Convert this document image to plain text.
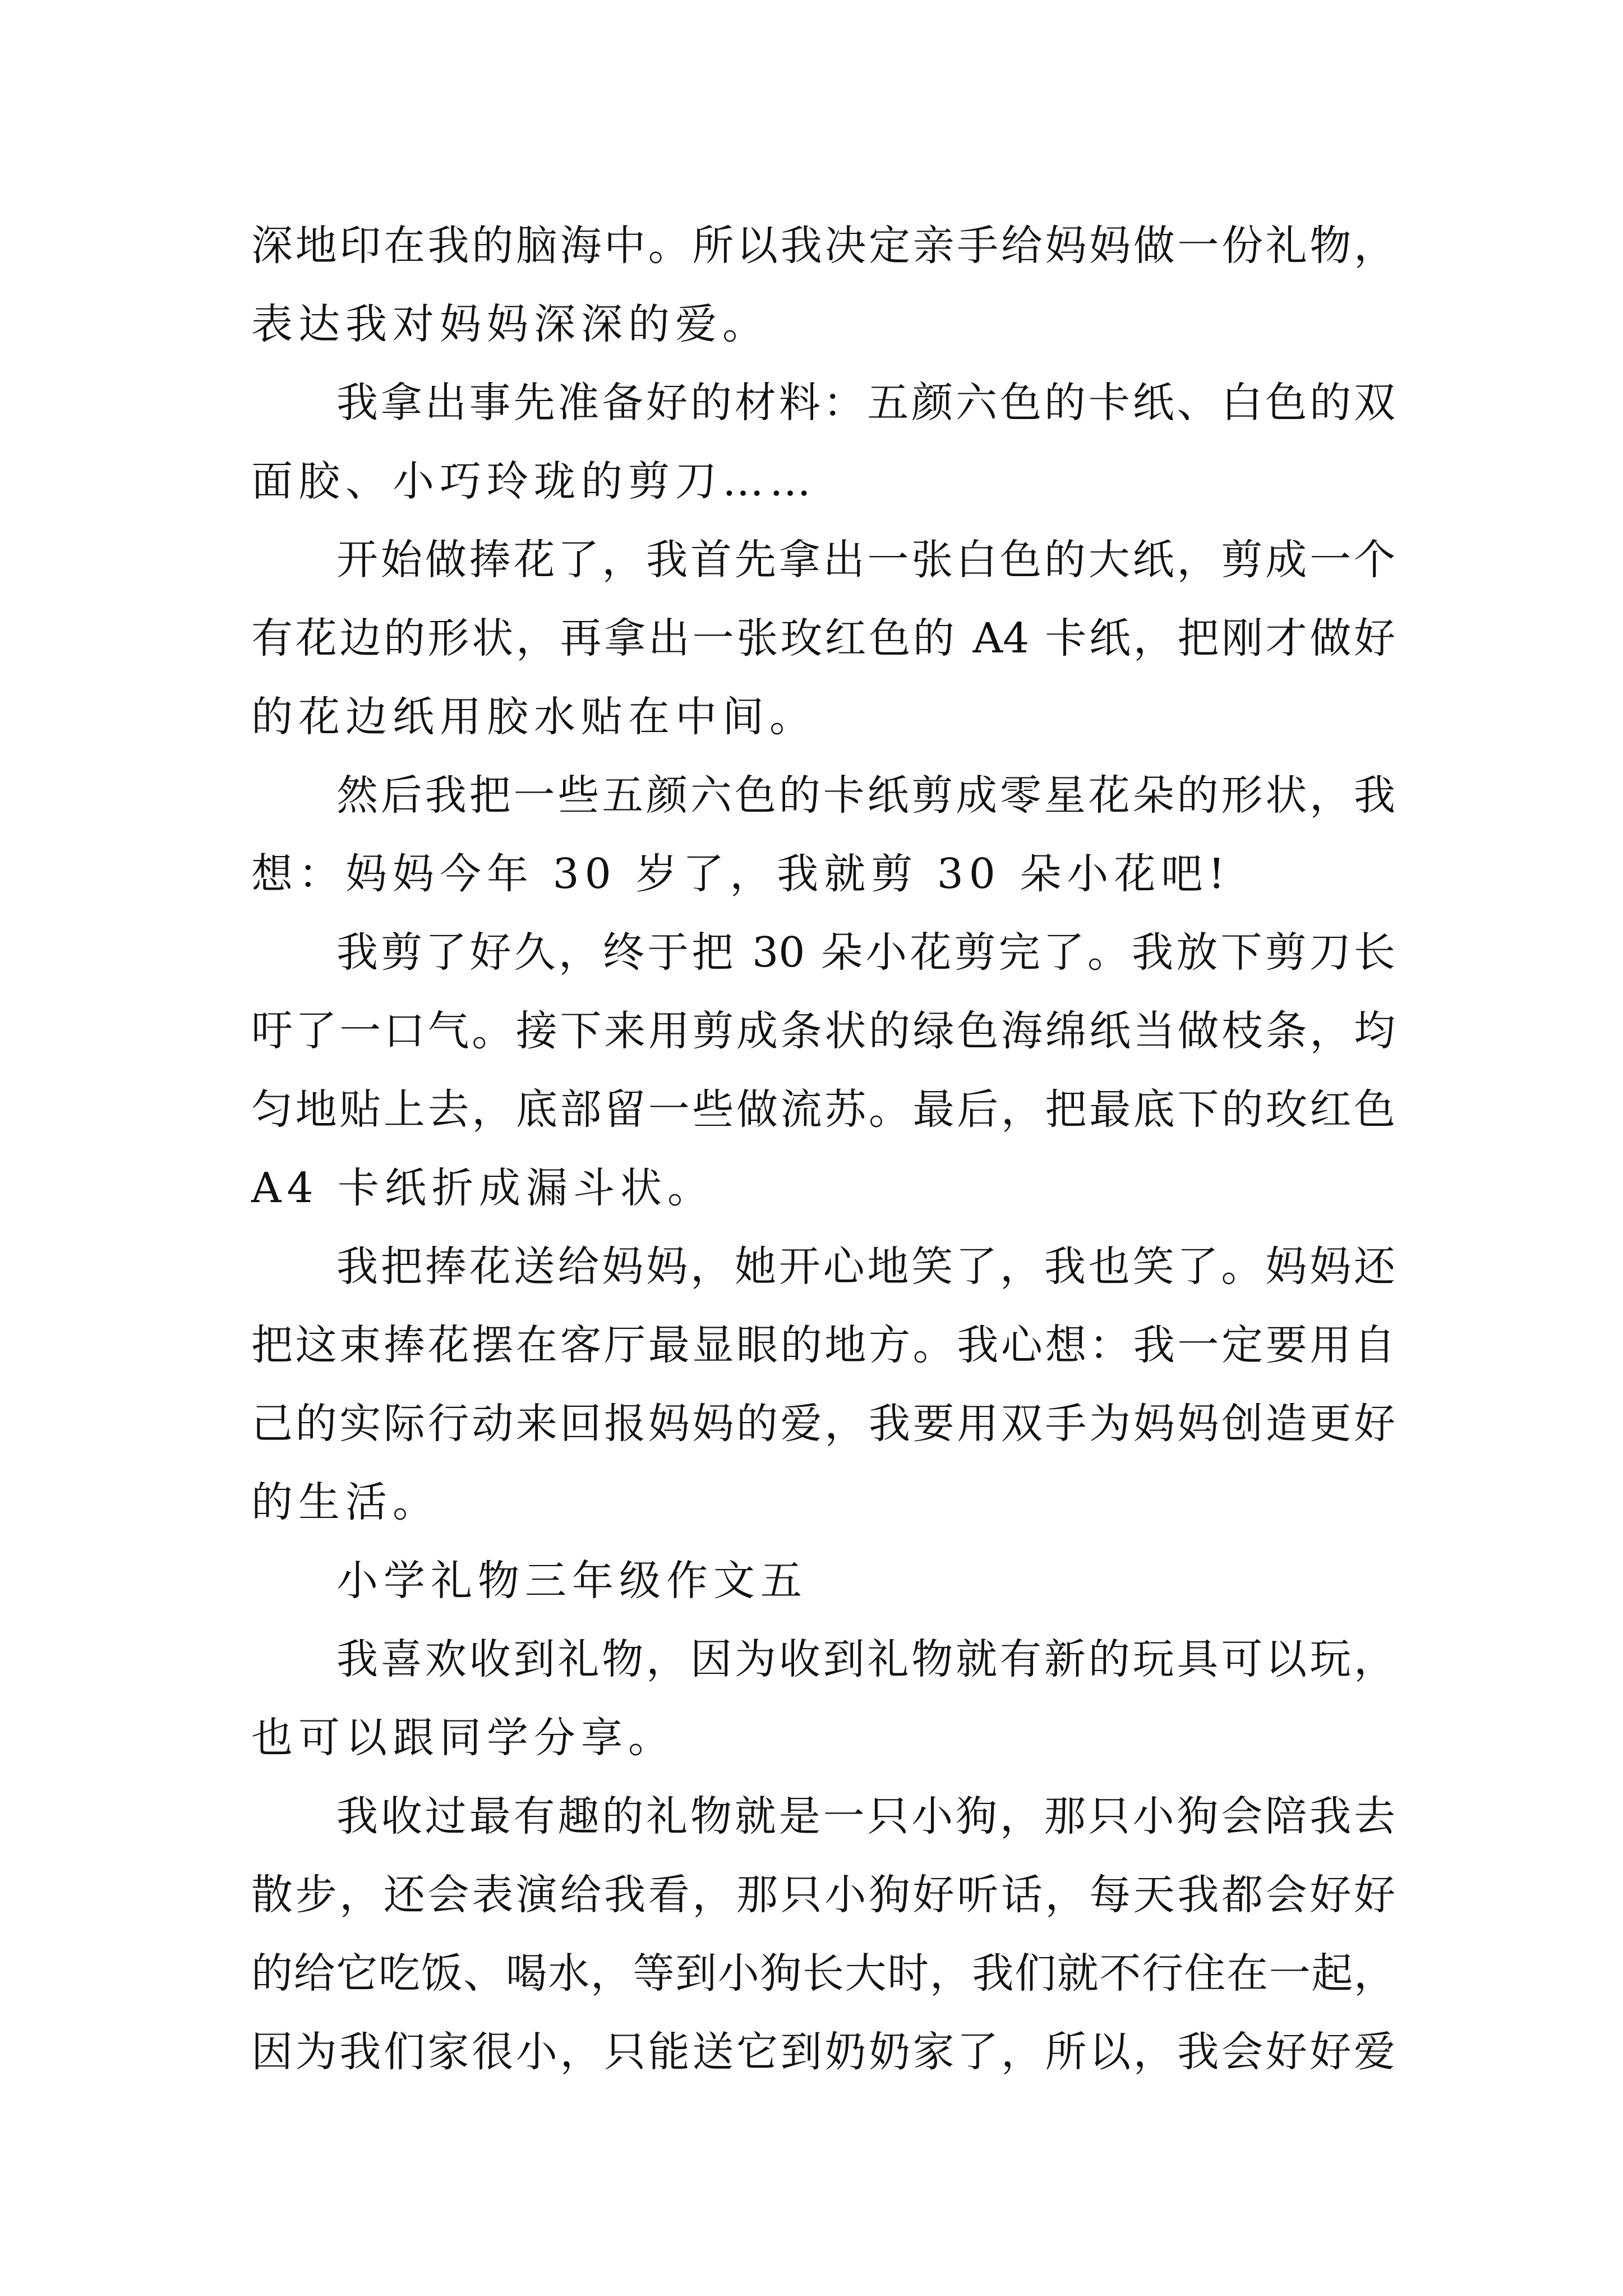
深地印在我的脑海中。所以我决定亲手给妈妈做一份礼物，
表达我对妈妈深深的爱。
我拿出事先准备好的材料：五颜六色的卡纸、白色的双
面胶、小巧玲珑的剪刀……
开始做捧花了，我首先拿出一张白色的大纸，剪成一个
有花边的形状，再拿出一张玫红色的 A4 卡纸，把刚才做好
的花边纸用胶水贴在中间。
然后我把一些五颜六色的卡纸剪成零星花朵的形状，我
想：妈妈今年 30 岁了，我就剪 30 朵小花吧!
我剪了好久，终于把 30 朵小花剪完了。我放下剪刀长
吁了一口气。接下来用剪成条状的绿色海绵纸当做枝条，均
匀地贴上去，底部留一些做流苏。最后，把最底下的玫红色
A4 卡纸折成漏斗状。
我把捧花送给妈妈，她开心地笑了，我也笑了。妈妈还
把这束捧花摆在客厅最显眼的地方。我心想：我一定要用自
己的实际行动来回报妈妈的爱，我要用双手为妈妈创造更好
的生活。
小学礼物三年级作文五
我喜欢收到礼物，因为收到礼物就有新的玩具可以玩，
也可以跟同学分享。
我收过最有趣的礼物就是一只小狗，那只小狗会陪我去
散步，还会表演给我看，那只小狗好听话，每天我都会好好
的给它吃饭、喝水，等到小狗长大时，我们就不行住在一起，
因为我们家很小，只能送它到奶奶家了，所以，我会好好爱
